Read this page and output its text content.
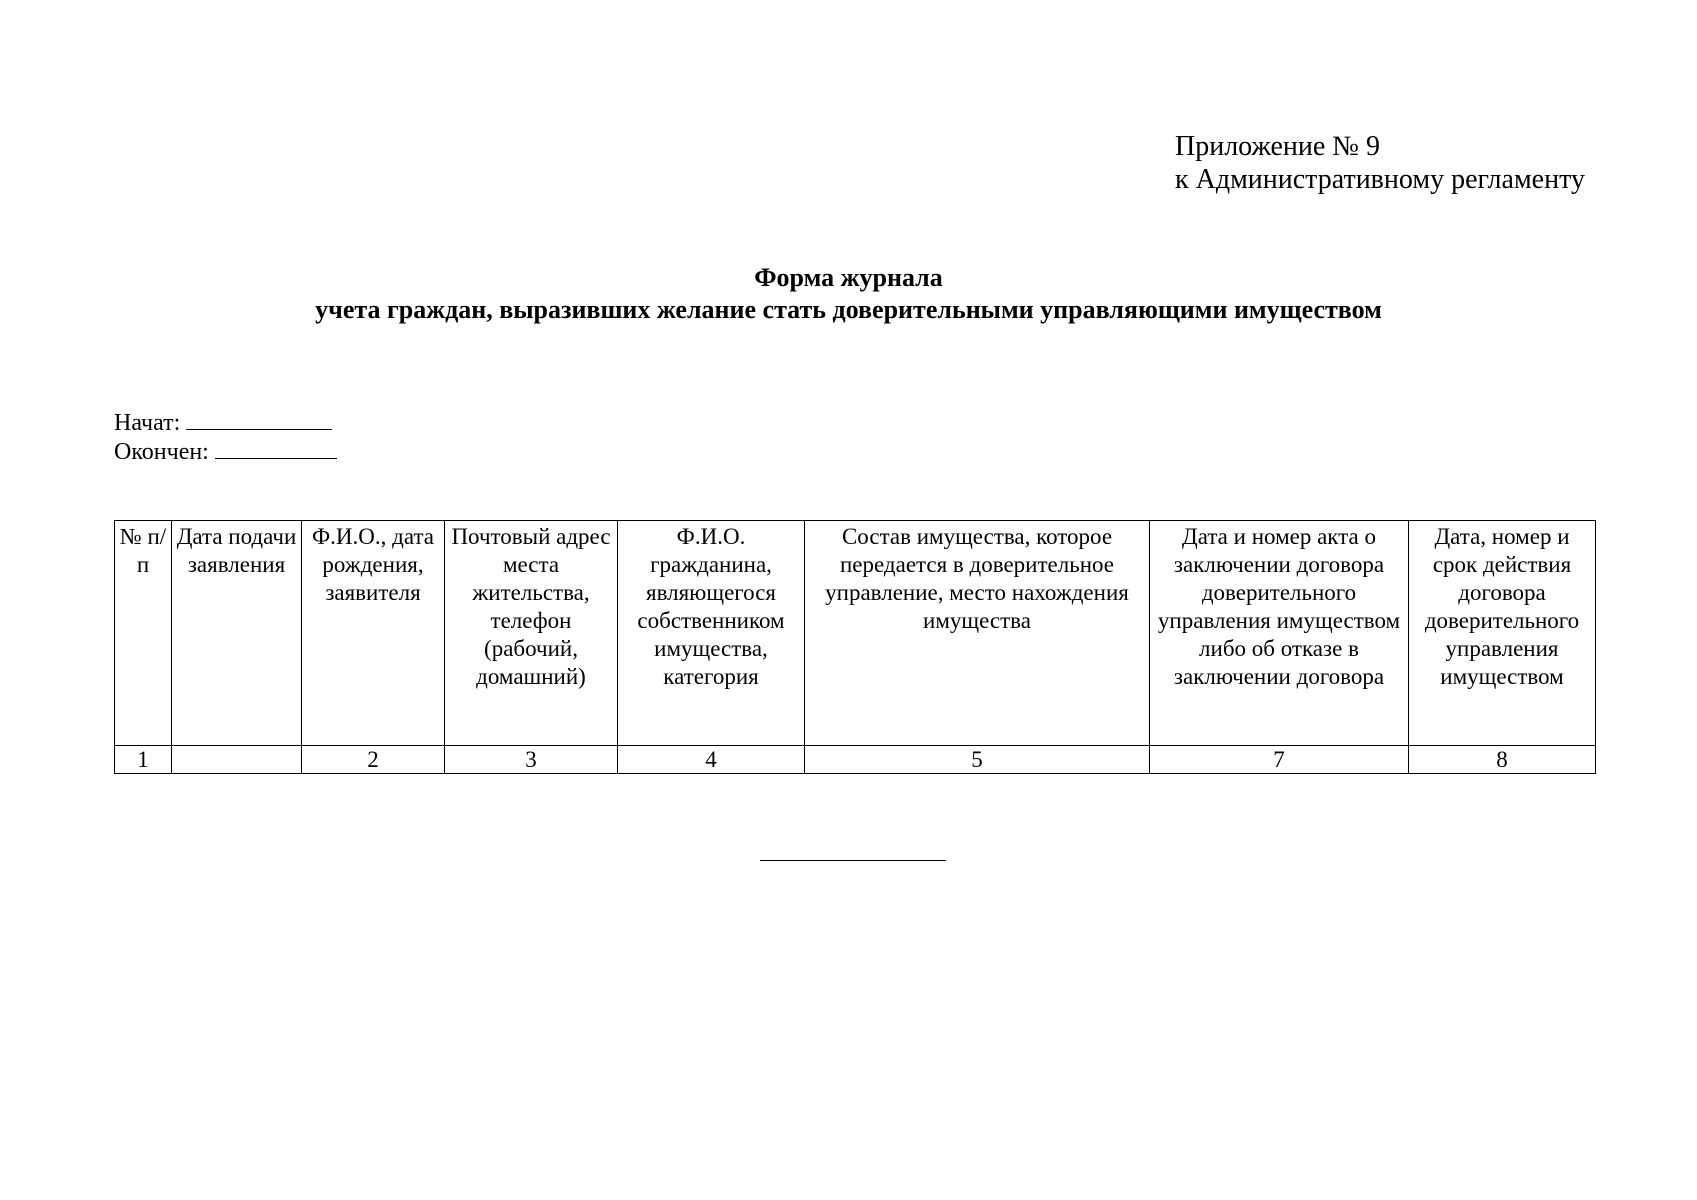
Приложение № 9
к Административному регламенту
Форма журнала
учета граждан, выразивших желание стать доверительными управляющими имуществом
Начат:
Окончен:
№ п/п	Дата подачи заявления	Ф.И.О., дата рождения, заявителя	Почтовый адрес места жительства, телефон (рабочий, домашний)	Ф.И.О. гражданина, являющегося собственником имущества, категория	Состав имущества, которое передается в доверительное управление, место нахождения имущества	Дата и номер акта о заключении договора доверительного управления имуществом либо об отказе в заключении договора	Дата, номер и срок действия договора доверительного управления имуществом
1		2	3	4	5	7	8
